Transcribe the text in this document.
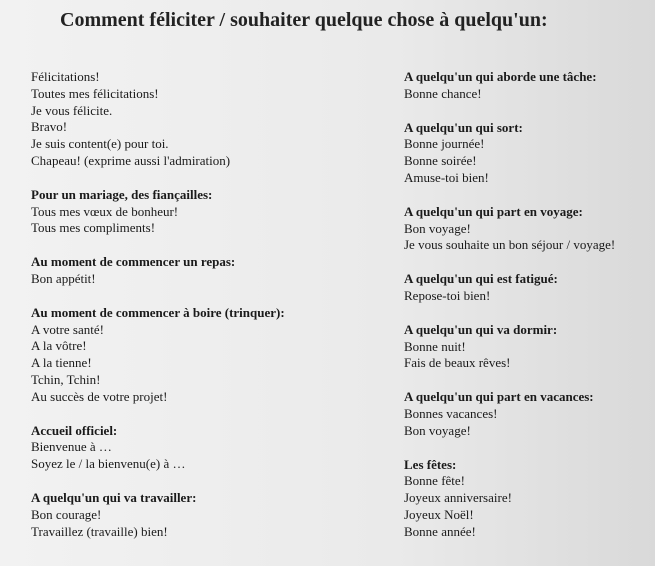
Comment féliciter / souhaiter quelque chose à quelqu'un:
Félicitations!
Toutes mes félicitations!
Je vous félicite.
Bravo!
Je suis content(e) pour toi.
Chapeau! (exprime aussi l'admiration)
Pour un mariage, des fiançailles:
Tous mes vœux de bonheur!
Tous mes compliments!
Au moment de commencer un repas:
Bon appétit!
Au moment de commencer à boire (trinquer):
A votre santé!
A la vôtre!
A la tienne!
Tchin, Tchin!
Au succès de votre projet!
Accueil officiel:
Bienvenue à …
Soyez le / la bienvenu(e) à …
A quelqu'un qui va travailler:
Bon courage!
Travaillez (travaille) bien!
A quelqu'un qui aborde une tâche:
Bonne chance!
A quelqu'un qui sort:
Bonne journée!
Bonne soirée!
Amuse-toi bien!
A quelqu'un qui part en voyage:
Bon voyage!
Je vous souhaite un bon séjour / voyage!
A quelqu'un qui est fatigué:
Repose-toi bien!
A quelqu'un qui va dormir:
Bonne nuit!
Fais de beaux rêves!
A quelqu'un qui part en vacances:
Bonnes vacances!
Bon voyage!
Les fêtes:
Bonne fête!
Joyeux anniversaire!
Joyeux Noël!
Bonne année!
